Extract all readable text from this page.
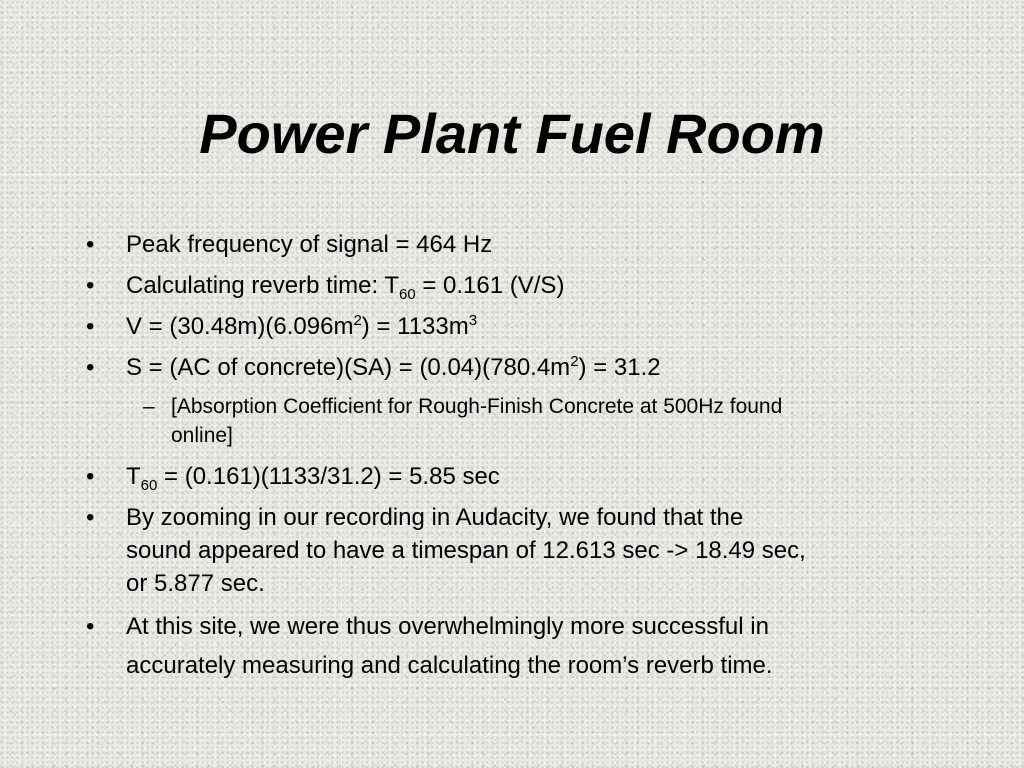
Power Plant Fuel Room
• Peak frequency of signal = 464 Hz
• Calculating reverb time: $T_{60} = 0.161$ (V/S)
• $V = (30.48m)(6.096m^2) = 1133m^3$
• S = (AC of concrete)(SA) = $(0.04)(780.4m^2) = 31.2$
– [Absorption Coefficient for Rough-Finish Concrete at 500Hz found
online]
• $T_{60} = (0.161)(1133/31.2) = 5.85$ sec
• By zooming in our recording in Audacity, we found that the
sound appeared to have a timespan of 12.613 sec -> 18.49 sec,
or 5.877 sec.
• At this site, we were thus overwhelmingly more successful in
accurately measuring and calculating the room’s reverb time.
